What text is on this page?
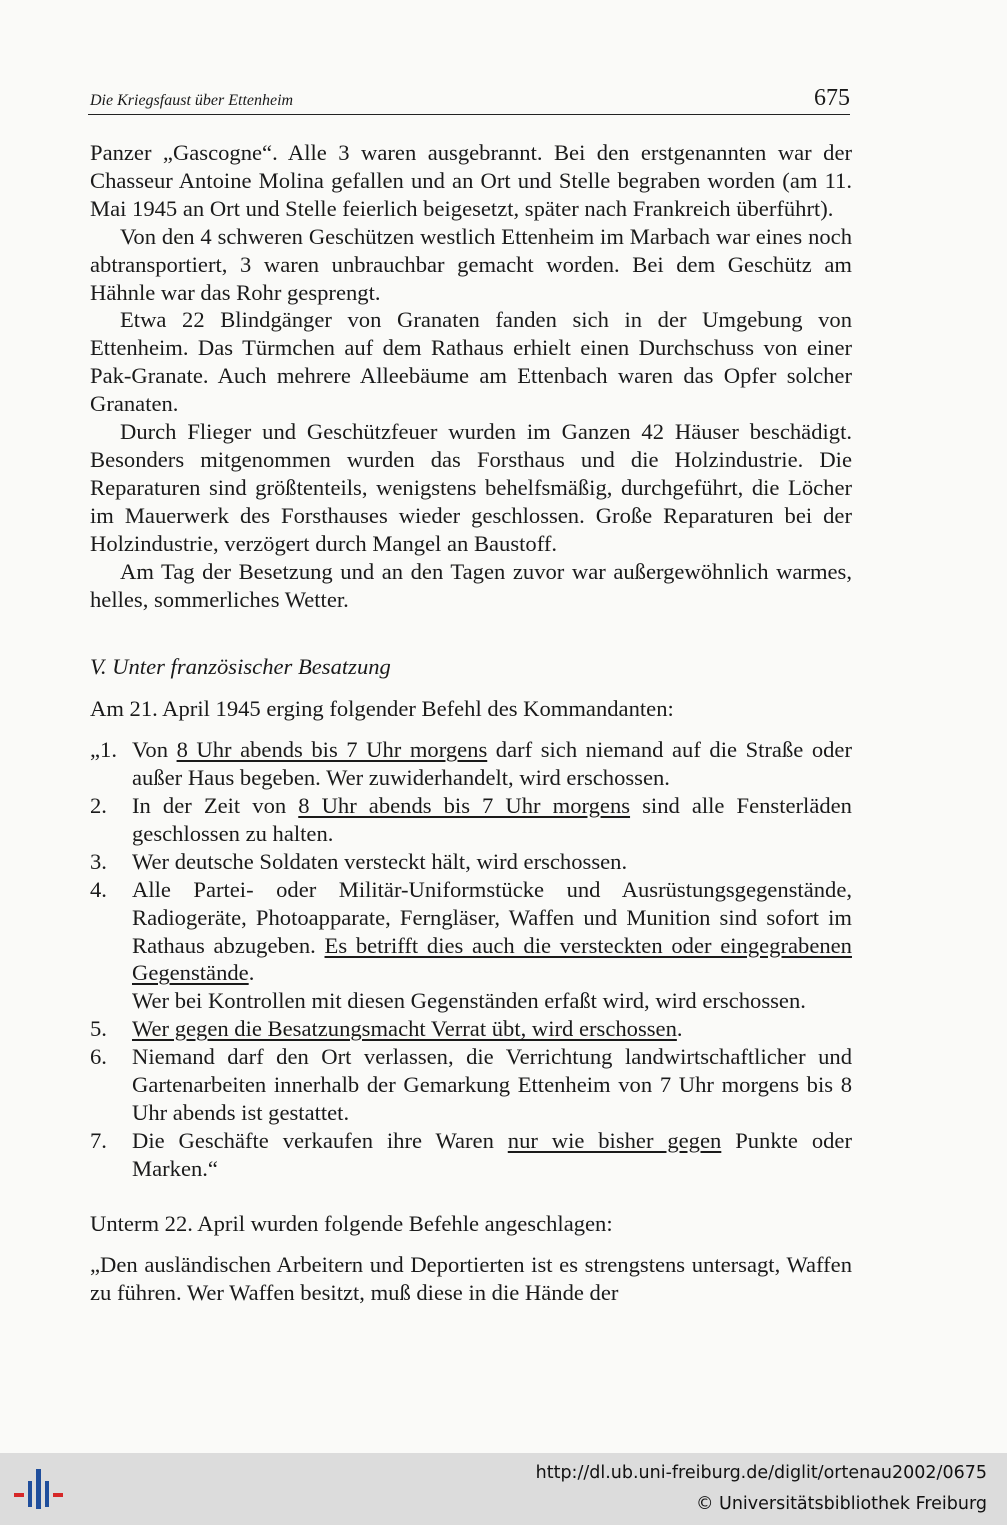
Die Kriegsfaust über Ettenheim	675

Panzer „Gascogne“. Alle 3 waren ausgebrannt. Bei den erstgenannten war der Chasseur Antoine Molina gefallen und an Ort und Stelle begraben worden (am 11. Mai 1945 an Ort und Stelle feierlich beigesetzt, später nach Frankreich überführt).

Von den 4 schweren Geschützen westlich Ettenheim im Marbach war eines noch abtransportiert, 3 waren unbrauchbar gemacht worden. Bei dem Geschütz am Hähnle war das Rohr gesprengt.

Etwa 22 Blindgänger von Granaten fanden sich in der Umgebung von Ettenheim. Das Türmchen auf dem Rathaus erhielt einen Durchschuss von einer Pak-Granate. Auch mehrere Alleebäume am Ettenbach waren das Opfer solcher Granaten.

Durch Flieger und Geschützfeuer wurden im Ganzen 42 Häuser beschädigt. Besonders mitgenommen wurden das Forsthaus und die Holzindustrie. Die Reparaturen sind größtenteils, wenigstens behelfsmäßig, durchgeführt, die Löcher im Mauerwerk des Forsthauses wieder geschlossen. Große Reparaturen bei der Holzindustrie, verzögert durch Mangel an Baustoff.

Am Tag der Besetzung und an den Tagen zuvor war außergewöhnlich warmes, helles, sommerliches Wetter.

V. Unter französischer Besatzung

Am 21. April 1945 erging folgender Befehl des Kommandanten:

„1. Von 8 Uhr abends bis 7 Uhr morgens darf sich niemand auf die Straße oder außer Haus begeben. Wer zuwiderhandelt, wird erschossen.
2. In der Zeit von 8 Uhr abends bis 7 Uhr morgens sind alle Fensterläden geschlossen zu halten.
3. Wer deutsche Soldaten versteckt hält, wird erschossen.
4. Alle Partei- oder Militär-Uniformstücke und Ausrüstungsgegenstände, Radiogeräte, Photoapparate, Ferngläser, Waffen und Munition sind sofort im Rathaus abzugeben. Es betrifft dies auch die versteckten oder eingegrabenen Gegenstände.
Wer bei Kontrollen mit diesen Gegenständen erfaßt wird, wird erschossen.
5. Wer gegen die Besatzungsmacht Verrat übt, wird erschossen.
6. Niemand darf den Ort verlassen, die Verrichtung landwirtschaftlicher und Gartenarbeiten innerhalb der Gemarkung Ettenheim von 7 Uhr morgens bis 8 Uhr abends ist gestattet.
7. Die Geschäfte verkaufen ihre Waren nur wie bisher gegen Punkte oder Marken.“

Unterm 22. April wurden folgende Befehle angeschlagen:

„Den ausländischen Arbeitern und Deportierten ist es strengstens untersagt, Waffen zu führen. Wer Waffen besitzt, muß diese in die Hände der

http://dl.ub.uni-freiburg.de/diglit/ortenau2002/0675
© Universitätsbibliothek Freiburg
